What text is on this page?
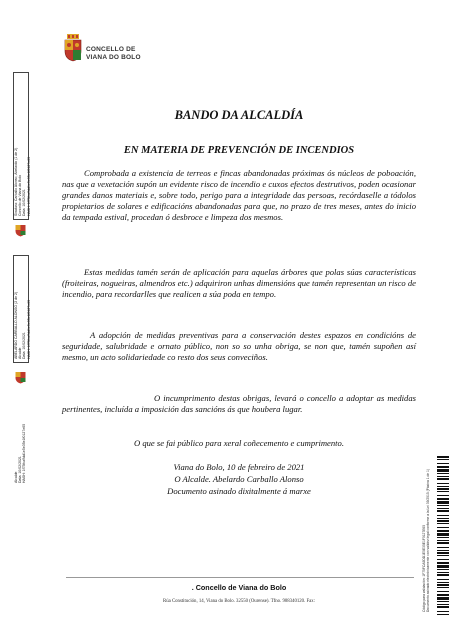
CONCELLO DE
VIANA DO BOLO
Sinatura: Carballo Alonso, Abelardo (1 de 2) Concello de Viana do Bolo Data: 10/02/2021 HASH: 1f75fca9dd1e5e35e1f0127e65
ABELARDO CARBALLO ALONSO (2 de 2) Alcalde Data: 10/02/2021 HASH: 1f75fca9dd1e5e35e1f0127e65
Alcalde Data: 10/02/2021 HASH: 1f75fca9dd1e5e35e1f0127e65
Código para validación: 1F75FCA9DD1E5E35E1F0127E65 Documento asinado electrónicamente con validez legal conforme a la Lei 39/2015 (Páxina 1 de 1)
BANDO DA ALCALDÍA
EN MATERIA DE PREVENCIÓN DE INCENDIOS

Comprobada a existencia de terreos e fincas abandonadas próximas ós núcleos de poboación, nas que a vexetación supón un evidente risco de incendio e cuxos efectos destrutivos, poden ocasionar grandes danos materiais e, sobre todo, perigo para a integridade das persoas, recórdaselle a tódolos propietarios de solares e edificacións abandonadas para que, no prazo de tres meses, antes do inicio da tempada estival, procedan ó desbroce e limpeza dos mesmos.

Estas medidas tamén serán de aplicación para aquelas árbores que polas súas características (froiteiras, nogueiras, almendros etc.) adquiriron unhas dimensións que tamén representan un risco de incendio, para recordarlles que realicen a súa poda en tempo.

A adopción de medidas preventivas para a conservación destes espazos en condicións de seguridade, salubridade e ornato público, non so so unha obriga, se non que, tamén supoñen así mesmo, un acto solidariedade co resto dos seus conveciños.

O incumprimento destas obrigas, levará o concello a adoptar as medidas pertinentes, incluída a imposición das sancións ás que houbera lugar.

O que se fai público para xeral coñecemento e cumprimento.
Viana do Bolo, 10 de febreiro de 2021
O Alcalde. Abelardo Carballo Alonso
Documento asinado dixitalmente á marxe
. Concello de Viana do Bolo
Rúa Constitución, 14, Viana do Bolo. 32550 (Ourense). Tfno. 988340120. Fax:
